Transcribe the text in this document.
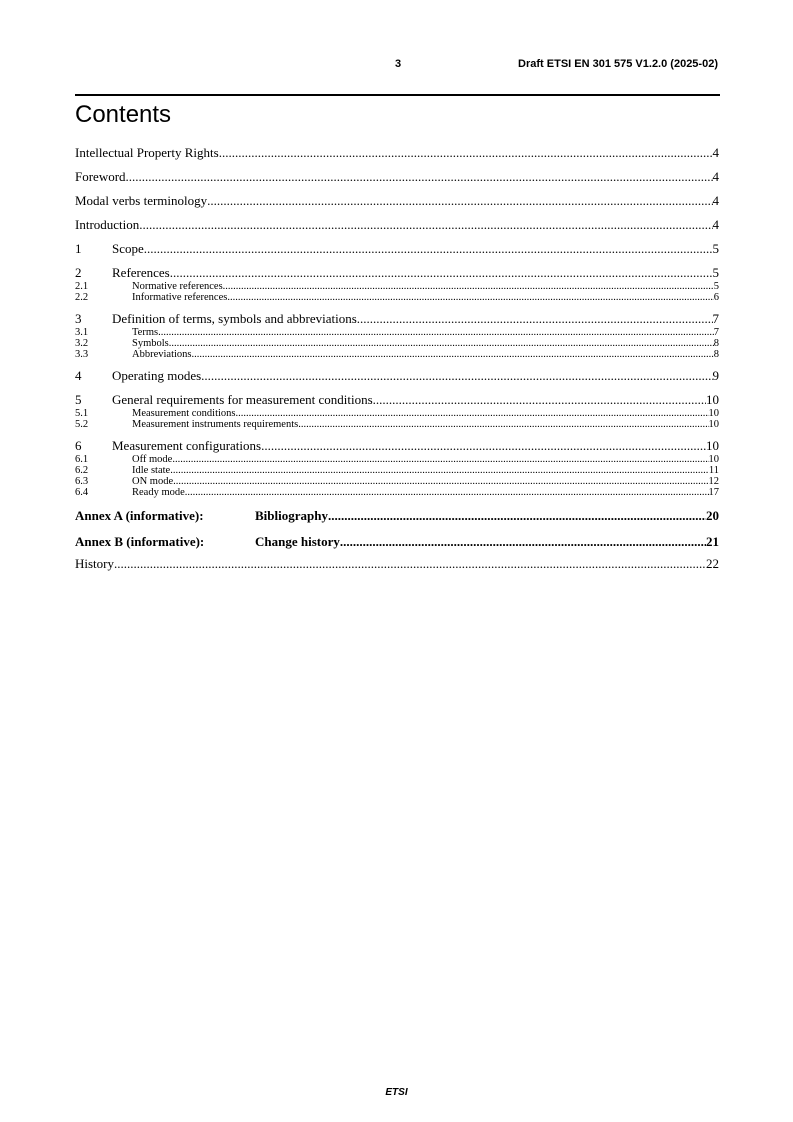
3	Draft ETSI EN 301 575 V1.2.0 (2025-02)
Contents
Intellectual Property Rights .....	4
Foreword .....	4
Modal verbs terminology .....	4
Introduction .....	4
1	Scope .....	5
2	References .....	5
2.1	Normative references .....	5
2.2	Informative references .....	6
3	Definition of terms, symbols and abbreviations .....	7
3.1	Terms .....	7
3.2	Symbols .....	8
3.3	Abbreviations .....	8
4	Operating modes .....	9
5	General requirements for measurement conditions .....	10
5.1	Measurement conditions .....	10
5.2	Measurement instruments requirements .....	10
6	Measurement configurations .....	10
6.1	Off mode .....	10
6.2	Idle state .....	11
6.3	ON mode .....	12
6.4	Ready mode .....	17
Annex A (informative):	Bibliography .....	20
Annex B (informative):	Change history .....	21
History .....	22
ETSI
